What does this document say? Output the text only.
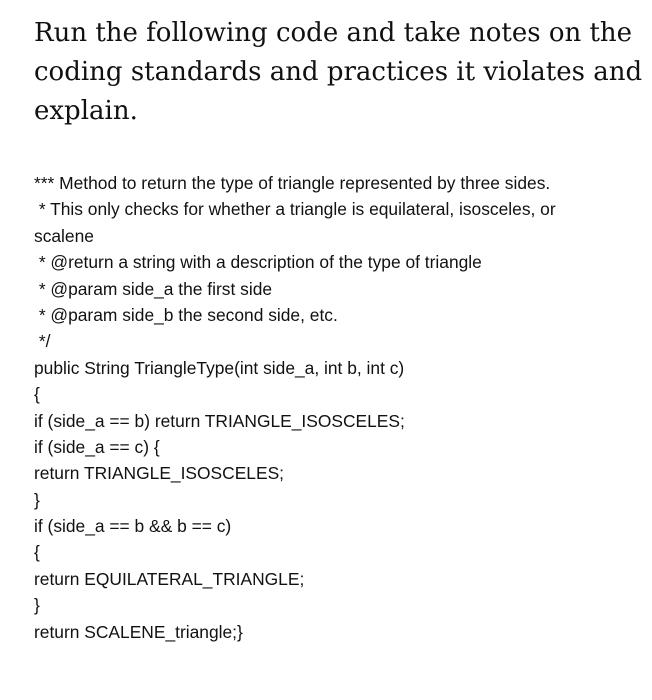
Run the following code and take notes on the
coding standards and practices it violates and
explain.
*** Method to return the type of triangle represented by three sides.
* This only checks for whether a triangle is equilateral, isosceles, or
scalene
* @return a string with a description of the type of triangle
* @param side_a the first side
* @param side_b the second side, etc.
*/
public String TriangleType(int side_a, int b, int c)
{
if (side_a == b) return TRIANGLE_ISOSCELES;
if (side_a == c) {
return TRIANGLE_ISOSCELES;
}
if (side_a == b && b == c)
{
return EQUILATERAL_TRIANGLE;
}
return SCALENE_triangle;}
